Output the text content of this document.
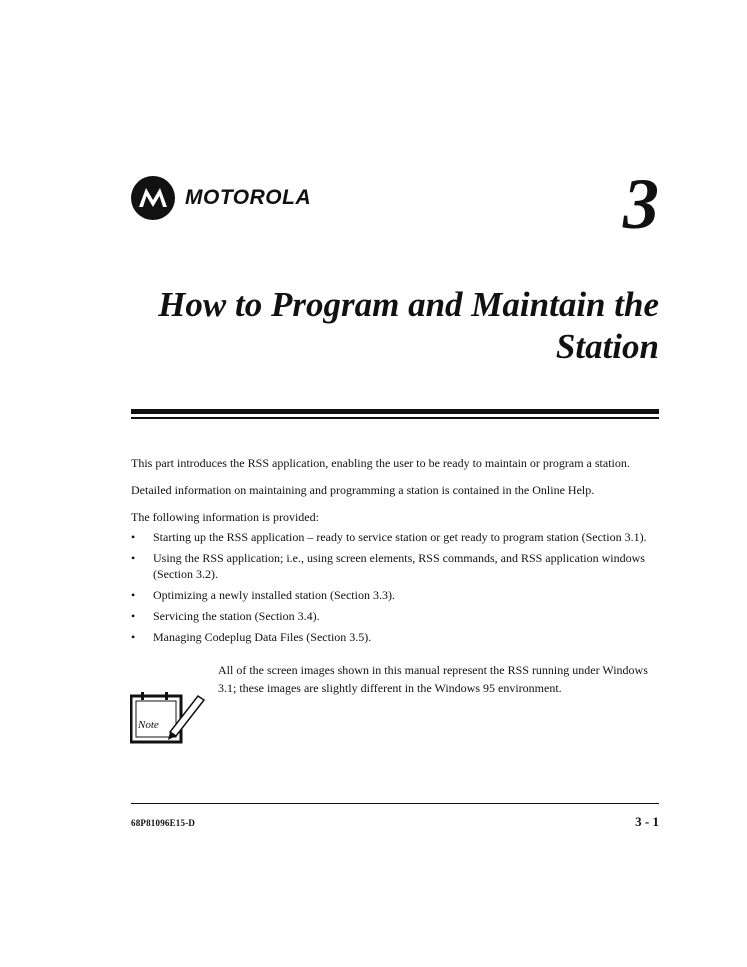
MOTOROLA	3
How to Program and Maintain the
Station

This part introduces the RSS application, enabling the user to be ready to maintain or program a station.

Detailed information on maintaining and programming a station is contained in the Online Help.

The following information is provided:

• Starting up the RSS application – ready to service station or get ready to program station (Section 3.1).
• Using the RSS application; i.e., using screen elements, RSS commands, and RSS application windows (Section 3.2).
• Optimizing a newly installed station (Section 3.3).
• Servicing the station (Section 3.4).
• Managing Codeplug Data Files (Section 3.5).
Note
All of the screen images shown in this manual represent the RSS running under Windows 3.1; these images are slightly different in the Windows 95 environment.
68P81096E15-D	3 - 1
